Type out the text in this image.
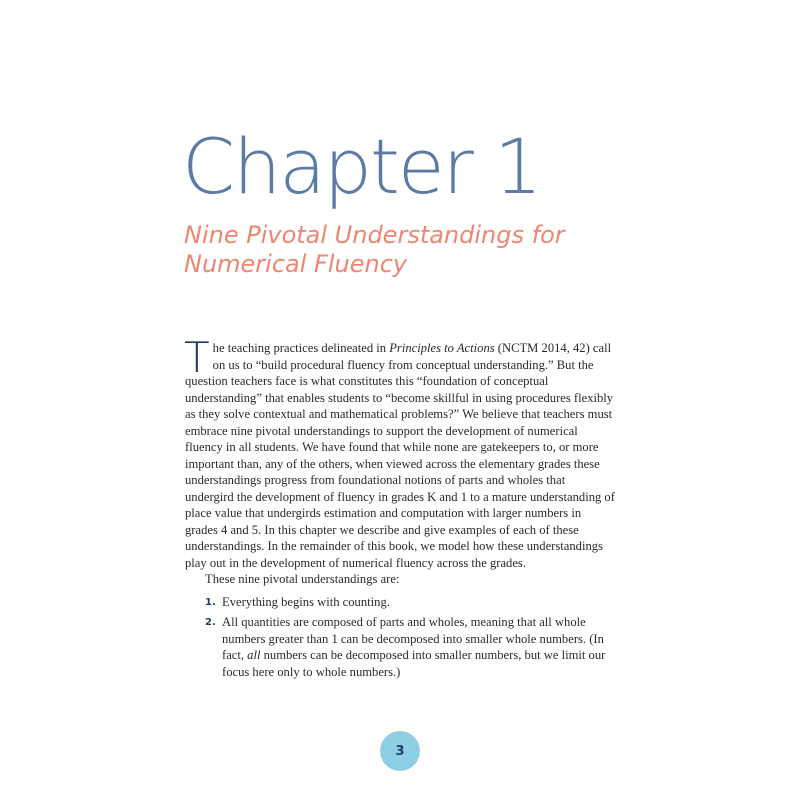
Chapter 1
Nine Pivotal Understandings for
Numerical Fluency

The teaching practices delineated in Principles to Actions (NCTM 2014, 42) call on us to “build procedural fluency from conceptual understanding.” But the question teachers face is what constitutes this “foundation of conceptual understanding” that enables students to “become skillful in using procedures flexibly as they solve contextual and mathematical problems?” We believe that teachers must embrace nine pivotal understandings to support the development of numerical fluency in all students. We have found that while none are gatekeepers to, or more important than, any of the others, when viewed across the elementary grades these understandings progress from foundational notions of parts and wholes that undergird the development of fluency in grades K and 1 to a mature understanding of place value that undergirds estimation and computation with larger numbers in grades 4 and 5. In this chapter we describe and give examples of each of these understandings. In the remainder of this book, we model how these understandings play out in the development of numerical fluency across the grades.

These nine pivotal understandings are:

1. Everything begins with counting.
2. All quantities are composed of parts and wholes, meaning that all whole numbers greater than 1 can be decomposed into smaller whole numbers. (In fact, all numbers can be decomposed into smaller numbers, but we limit our focus here only to whole numbers.)
3
